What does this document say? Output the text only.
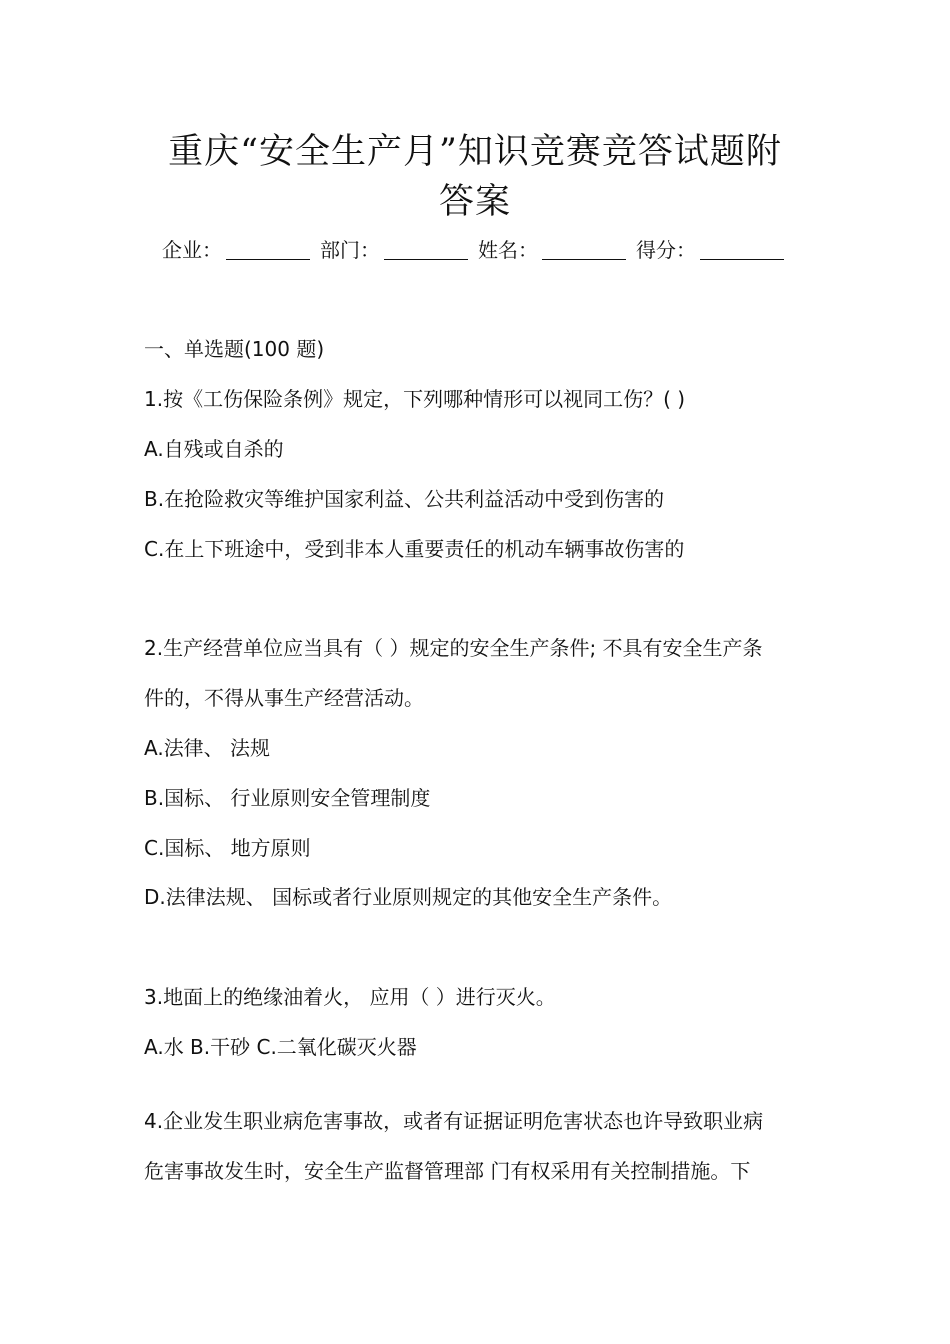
重庆“安全生产月”知识竞赛竞答试题附
答案
企业：	部门：	姓名：	得分：

一、单选题(100 题)

1.按《工伤保险条例》规定，下列哪种情形可以视同工伤？( )

A.自残或自杀的

B.在抢险救灾等维护国家利益、公共利益活动中受到伤害的

C.在上下班途中，受到非本人重要责任的机动车辆事故伤害的

2.生产经营单位应当具有（ ）规定的安全生产条件; 不具有安全生产条

件的，不得从事生产经营活动。

A.法律、 法规

B.国标、 行业原则安全管理制度

C.国标、 地方原则

D.法律法规、 国标或者行业原则规定的其他安全生产条件。

3.地面上的绝缘油着火， 应用（ ）进行灭火。

A.水 B.干砂 C.二氧化碳灭火器

4.企业发生职业病危害事故，或者有证据证明危害状态也许导致职业病

危害事故发生时，安全生产监督管理部 门有权采用有关控制措施。下
